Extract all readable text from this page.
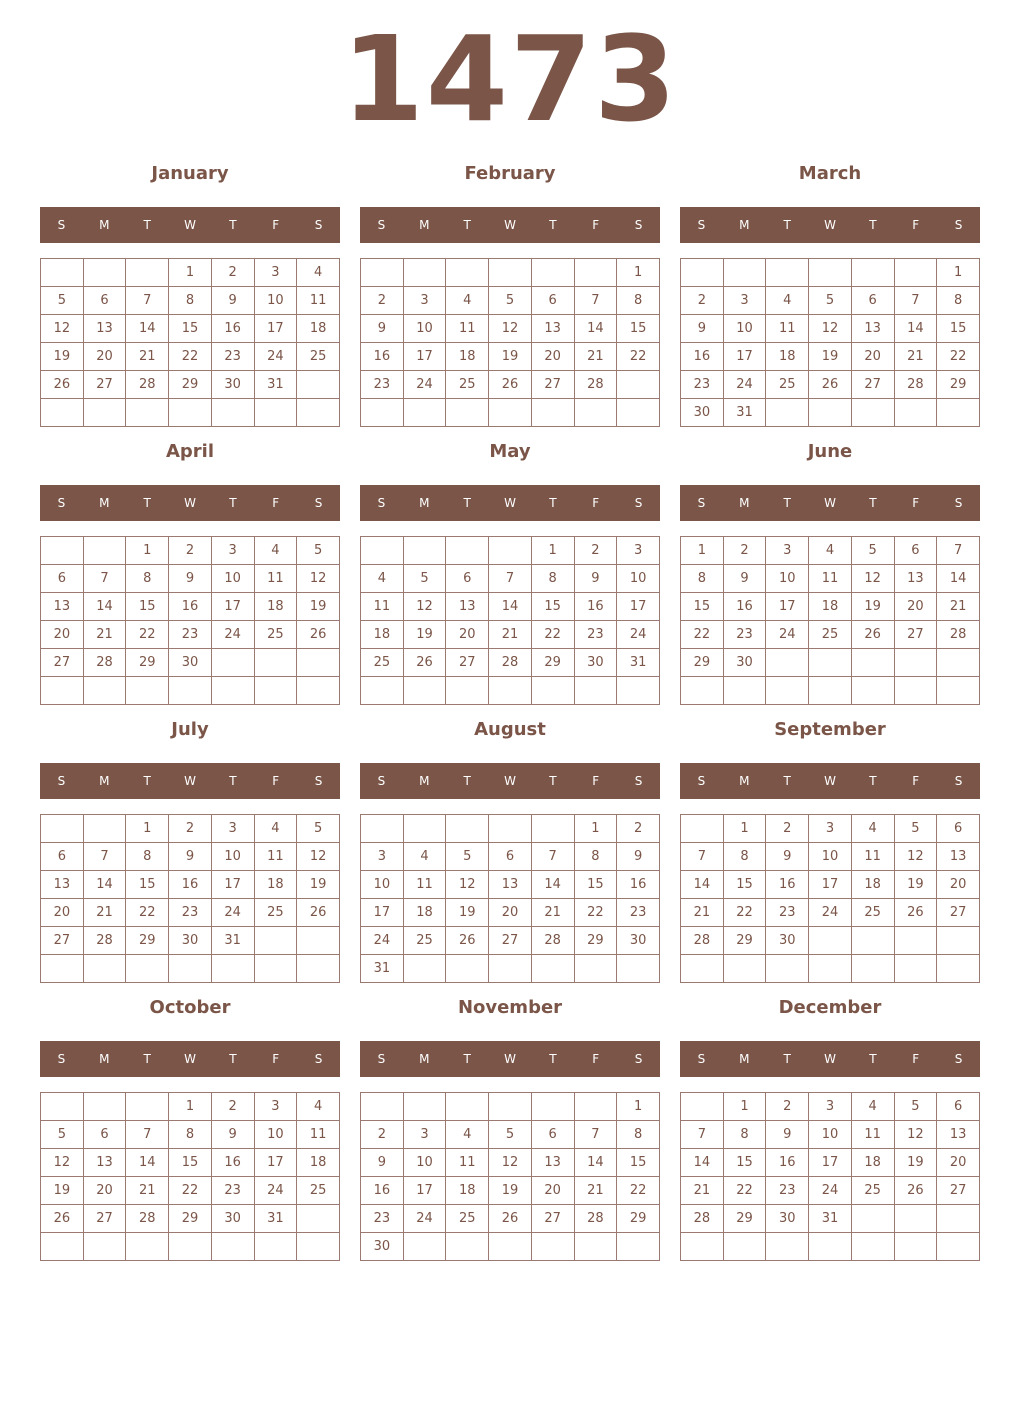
1473
January
S	M	T	W	T	F	S
			1	2	3	4
5	6	7	8	9	10	11
12	13	14	15	16	17	18
19	20	21	22	23	24	25
26	27	28	29	30	31	

February
S	M	T	W	T	F	S
						1
2	3	4	5	6	7	8
9	10	11	12	13	14	15
16	17	18	19	20	21	22
23	24	25	26	27	28	

March
S	M	T	W	T	F	S
						1
2	3	4	5	6	7	8
9	10	11	12	13	14	15
16	17	18	19	20	21	22
23	24	25	26	27	28	29
30	31					
April
S	M	T	W	T	F	S
		1	2	3	4	5
6	7	8	9	10	11	12
13	14	15	16	17	18	19
20	21	22	23	24	25	26
27	28	29	30			

May
S	M	T	W	T	F	S
				1	2	3
4	5	6	7	8	9	10
11	12	13	14	15	16	17
18	19	20	21	22	23	24
25	26	27	28	29	30	31

June
S	M	T	W	T	F	S
1	2	3	4	5	6	7
8	9	10	11	12	13	14
15	16	17	18	19	20	21
22	23	24	25	26	27	28
29	30					

July
S	M	T	W	T	F	S
		1	2	3	4	5
6	7	8	9	10	11	12
13	14	15	16	17	18	19
20	21	22	23	24	25	26
27	28	29	30	31		

August
S	M	T	W	T	F	S
					1	2
3	4	5	6	7	8	9
10	11	12	13	14	15	16
17	18	19	20	21	22	23
24	25	26	27	28	29	30
31						
September
S	M	T	W	T	F	S
	1	2	3	4	5	6
7	8	9	10	11	12	13
14	15	16	17	18	19	20
21	22	23	24	25	26	27
28	29	30				

October
S	M	T	W	T	F	S
			1	2	3	4
5	6	7	8	9	10	11
12	13	14	15	16	17	18
19	20	21	22	23	24	25
26	27	28	29	30	31	

November
S	M	T	W	T	F	S
						1
2	3	4	5	6	7	8
9	10	11	12	13	14	15
16	17	18	19	20	21	22
23	24	25	26	27	28	29
30						
December
S	M	T	W	T	F	S
	1	2	3	4	5	6
7	8	9	10	11	12	13
14	15	16	17	18	19	20
21	22	23	24	25	26	27
28	29	30	31			
